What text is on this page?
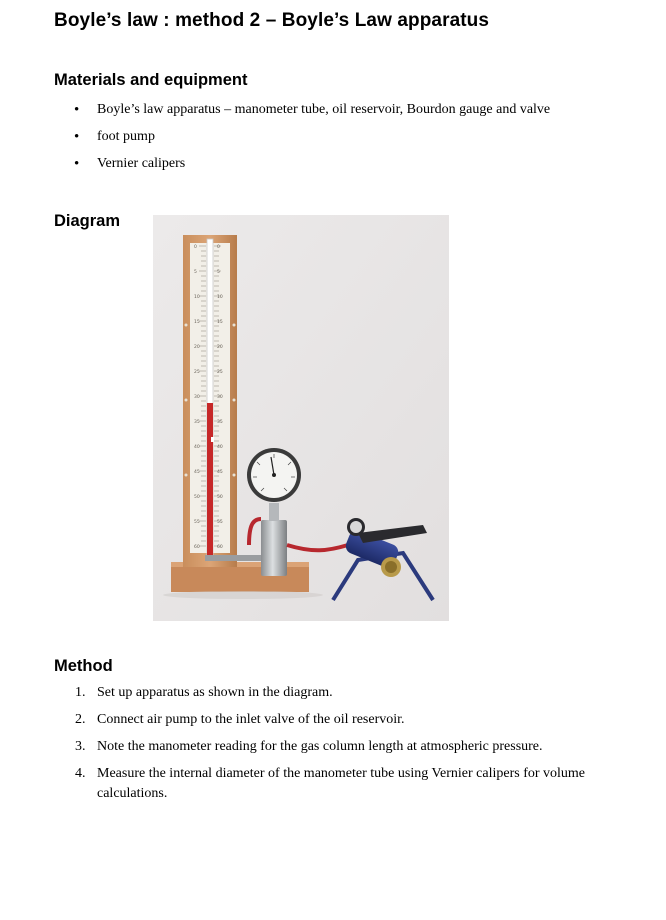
Boyle’s law : method 2 – Boyle’s Law apparatus
Materials and equipment
• Boyle’s law apparatus – manometer tube, oil reservoir, Bourdon gauge and valve
• foot pump
• Vernier calipers
Diagram
0
5
10
15
20
25
30
35
40
45
50
55
60
0
5
10
15
20
25
30
35
40
45
50
55
60
Method
1. Set up apparatus as shown in the diagram.
2. Connect air pump to the inlet valve of the oil reservoir.
3. Note the manometer reading for the gas column length at atmospheric pressure.
4. Measure the internal diameter of the manometer tube using Vernier calipers for volume calculations.
